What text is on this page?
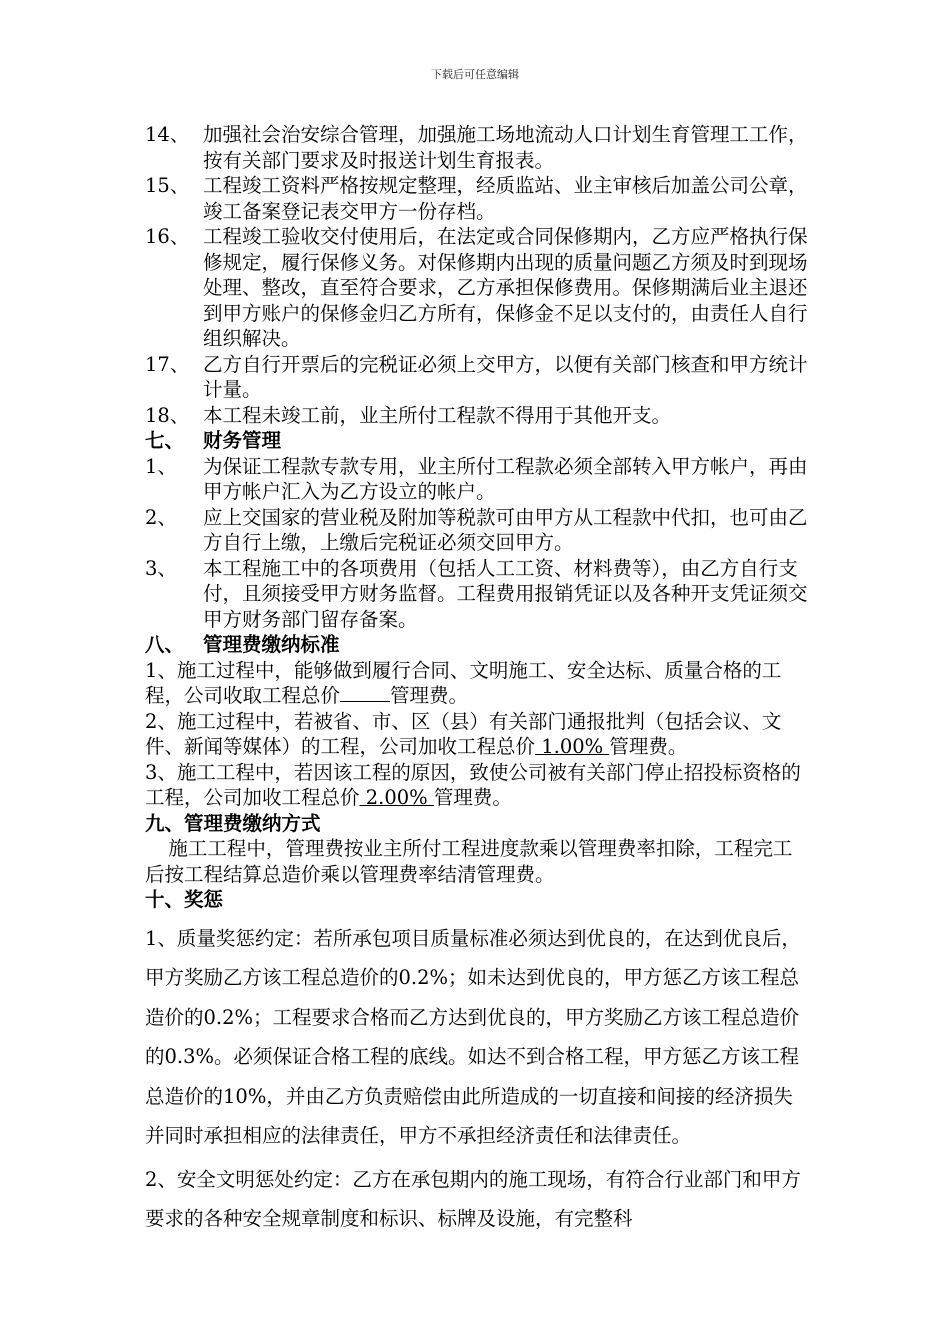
下载后可任意编辑
14、 加强社会治安综合管理，加强施工场地流动人口计划生育管理工工作，按有关部门要求及时报送计划生育报表。
15、 工程竣工资料严格按规定整理，经质监站、业主审核后加盖公司公章，竣工备案登记表交甲方一份存档。
16、 工程竣工验收交付使用后，在法定或合同保修期内，乙方应严格执行保修规定，履行保修义务。对保修期内出现的质量问题乙方须及时到现场处理、整改，直至符合要求，乙方承担保修费用。保修期满后业主退还到甲方账户的保修金归乙方所有，保修金不足以支付的，由责任人自行组织解决。
17、 乙方自行开票后的完税证必须上交甲方，以便有关部门核查和甲方统计计量。
18、 本工程未竣工前，业主所付工程款不得用于其他开支。
七、 财务管理
1、	为保证工程款专款专用，业主所付工程款必须全部转入甲方帐户，再由甲方帐户汇入为乙方设立的帐户。
2、	应上交国家的营业税及附加等税款可由甲方从工程款中代扣，也可由乙方自行上缴，上缴后完税证必须交回甲方。
3、	本工程施工中的各项费用（包括人工工资、材料费等），由乙方自行支付，且须接受甲方财务监督。工程费用报销凭证以及各种开支凭证须交甲方财务部门留存备案。
八、 管理费缴纳标准
1、施工过程中，能够做到履行合同、文明施工、安全达标、质量合格的工程，公司收取工程总价	管理费。
2、施工过程中，若被省、市、区（县）有关部门通报批判（包括会议、文件、新闻等媒体）的工程，公司加收工程总价 1.00% 管理费。
3、施工工程中，若因该工程的原因，致使公司被有关部门停止招投标资格的工程，公司加收工程总价 2.00% 管理费。
九、管理费缴纳方式
施工工程中，管理费按业主所付工程进度款乘以管理费率扣除，工程完工后按工程结算总造价乘以管理费率结清管理费。
十、奖惩
1、质量奖惩约定：若所承包项目质量标准必须达到优良的，在达到优良后，甲方奖励乙方该工程总造价的0.2%；如未达到优良的，甲方惩乙方该工程总造价的0.2%；工程要求合格而乙方达到优良的，甲方奖励乙方该工程总造价的0.3%。必须保证合格工程的底线。如达不到合格工程，甲方惩乙方该工程总造价的10%，并由乙方负责赔偿由此所造成的一切直接和间接的经济损失并同时承担相应的法律责任，甲方不承担经济责任和法律责任。
2、安全文明惩处约定：乙方在承包期内的施工现场，有符合行业部门和甲方要求的各种安全规章制度和标识、标牌及设施，有完整科
